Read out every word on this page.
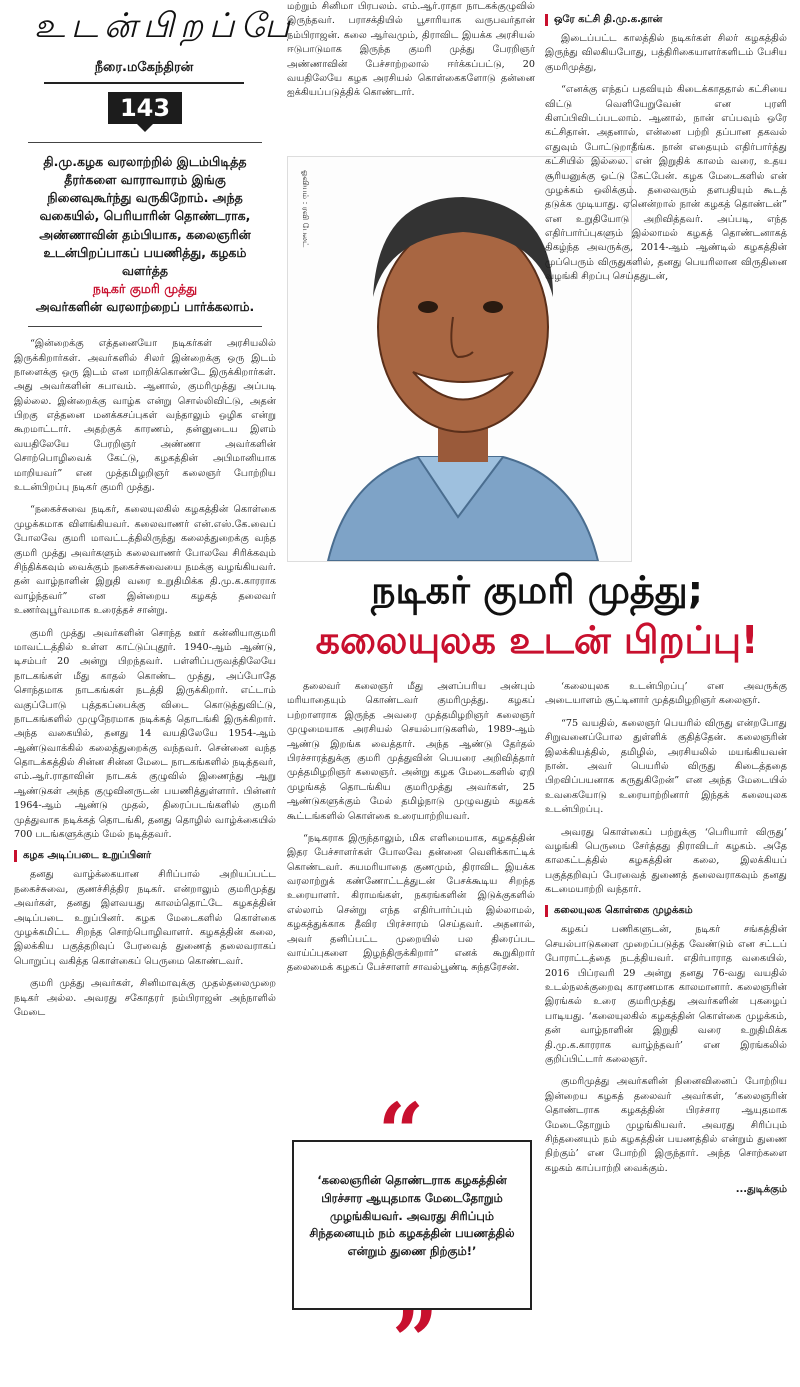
உடன்பிறப்பே
நீரை.மகேந்திரன்
143
தி.மு.கழக வரலாற்றில் இடம்பிடித்த தீரர்களை வாராவாரம் இங்கு நினைவுகூர்ந்து வருகிறோம். அந்த வகையில், பெரியாரின் தொண்டராக, அண்ணாவின் தம்பியாக, கலைஞரின் உடன்பிறப்பாகப் பயணித்து, கழகம் வளர்த்த
நடிகர் குமரி முத்து
அவர்களின் வரலாற்றைப் பார்க்கலாம்.

“இன்றைக்கு எத்தனையோ நடிகர்கள் அரசியலில் இருக்கிறார்கள். அவர்களில் சிலர் இன்றைக்கு ஒரு இடம் நாளைக்கு ஒரு இடம் என மாறிக்கொண்டே இருக்கிறார்கள். அது அவர்களின் சுபாவம். ஆனால், குமரிமுத்து அப்படி இல்லை. இன்றைக்கு வாழ்க என்று சொல்லிவிட்டு, அதன் பிறகு எத்தனை மனக்கசப்புகள் வந்தாலும் ஒழிக என்று கூறமாட்டார். அதற்குக் காரணம், தன்னுடைய இளம் வயதிலேயே பேரறிஞர் அண்ணா அவர்களின் சொற்பொழிவைக் கேட்டு, கழகத்தின் அபிமானியாக மாறியவர்” என முத்தமிழறிஞர் கலைஞர் போற்றிய உடன்பிறப்பு நடிகர் குமரி முத்து.

“நகைச்சுவை நடிகர், கலையுலகில் கழகத்தின் கொள்கை முழக்கமாக விளங்கியவர். கலைவாணர் என்.எஸ்.கே.வைப் போலவே குமரி மாவட்டத்திலிருந்து கலைத்துறைக்கு வந்த குமரி முத்து அவர்களும் கலைவாணர் போலவே சிரிக்கவும் சிந்திக்கவும் வைக்கும் நகைச்சுவையை நமக்கு வழங்கியவர். தன் வாழ்நாளின் இறுதி வரை உறுதிமிக்க தி.மு.க.காரராக வாழ்ந்தவர்” என இன்றைய கழகத் தலைவர் உணர்வுபூர்வமாக உரைத்தச் சான்று.

குமரி முத்து அவர்களின் சொந்த ஊர் கன்னியாகுமரி மாவட்டத்தில் உள்ள காட்டுப்புதூர். 1940-ஆம் ஆண்டு, டிசம்பர் 20 அன்று பிறந்தவர். பள்ளிப்பருவத்திலேயே நாடகங்கள் மீது காதல் கொண்ட முத்து, அப்போதே சொந்தமாக நாடகங்கள் நடத்தி இருக்கிறார். எட்டாம் வகுப்போடு புத்தகப்பைக்கு விடை கொடுத்துவிட்டு, நாடகங்களில் முழுநேரமாக நடிக்கத் தொடங்கி இருக்கிறார். அந்த வகையில், தனது 14 வயதிலேயே 1954-ஆம் ஆண்டுவாக்கில் கலைத்துறைக்கு வந்தவர். சென்னை வந்த தொடக்கத்தில் சின்ன சின்ன மேடை நாடகங்களில் நடித்தவர், எம்.ஆர்.ராதாவின் நாடகக் குழுவில் இணைந்து ஆறு ஆண்டுகள் அந்த குழுவினருடன் பயணித்துள்ளார். பின்னர் 1964-ஆம் ஆண்டு முதல், திரைப்படங்களில் குமரி முத்துவாக நடிக்கத் தொடங்கி, தனது தொழில் வாழ்க்கையில் 700 படங்களுக்கும் மேல் நடித்தவர்.

கழக அடிப்படை உறுப்பினர்

தனது வாழ்க்கையான சிரிப்பால் அறியப்பட்ட நகைச்சுவை, குணச்சித்திர நடிகர். என்றாலும் குமரிமுத்து அவர்கள், தனது இளவயது காலம்தொட்டே கழகத்தின் அடிப்படை உறுப்பினர். கழக மேடைகளில் கொள்கை முழக்கமிட்ட சிறந்த சொற்பொழிவாளர். கழகத்தின் கலை, இலக்கிய பகுத்தறிவுப் பேரவைத் துணைத் தலைவராகப் பொறுப்பு வகித்த கொள்கைப் பெருமை கொண்டவர்.

குமரி முத்து அவர்கள், சினிமாவுக்கு முதல்தலைமுறை நடிகர் அல்ல. அவரது சகோதரர் நம்பிராஜன் அந்நாளில் மேடை

மற்றும் சினிமா பிரபலம். எம்.ஆர்.ராதா நாடகக்குழுவில் இருந்தவர். பராசக்தியில் பூசாரியாக வருபவர்தான் நம்பிராஜன். கலை ஆர்வமும், திராவிட இயக்க அரசியல் ஈடுபாடுமாக இருந்த குமரி முத்து பேரறிஞர் அண்ணாவின் பேச்சாற்றலால் ஈர்க்கப்பட்டு, 20 வயதிலேயே கழக அரசியல் கொள்கைகளோடு தன்னை ஐக்கியப்படுத்திக் கொண்டார்.

ஓவியம் : ரவி பேலட்
நடிகர் குமரி முத்து;
கலையுலக உடன் பிறப்பு!

தலைவர் கலைஞர் மீது அளப்பரிய அன்பும் மரியாதையும் கொண்டவர் குமரிமுத்து. கழகப் பற்றாளராக இருந்த அவரை முத்தமிழறிஞர் கலைஞர் முழுமையாக அரசியல் செயல்பாடுகளில், 1989-ஆம் ஆண்டு இறங்க வைத்தார். அந்த ஆண்டு தேர்தல் பிரச்சாரத்துக்கு குமரி முத்துவின் பெயரை அறிவித்தார் முத்தமிழறிஞர் கலைஞர். அன்று கழக மேடைகளில் ஏறி முழங்கத் தொடங்கிய குமரிமுத்து அவர்கள், 25 ஆண்டுகளுக்கும் மேல் தமிழ்நாடு முழுவதும் கழகக் கூட்டங்களில் கொள்கை உரையாற்றியவர்.

“நடிகராக இருந்தாலும், மிக எளிமையாக, கழகத்தின் இதர பேச்சாளர்கள் போலவே தன்னை வெளிக்காட்டிக் கொண்டவர். சுயமரியாதை குணமும், திராவிட இயக்க வரலாற்றுக் கண்ணோட்டத்துடன் பேசக்கூடிய சிறந்த உரையாளர். கிராமங்கள், நகரங்களின் இடுக்குகளில் எல்லாம் சென்று எந்த எதிர்பார்ப்பும் இல்லாமல், கழகத்துக்காக தீவிர பிரச்சாரம் செய்தவர். அதனால், அவர் தனிப்பட்ட முறையில் பல திரைப்பட வாய்ப்புகளை இழந்திருக்கிறார்” எனக் கூறுகிறார் தலைமைக் கழகப் பேச்சாளர் சாவல்பூண்டி சுந்தரேசன்.

“

‘கலைஞரின் தொண்டராக கழகத்தின் பிரச்சார ஆயுதமாக மேடைதோறும் முழங்கியவர். அவரது சிரிப்பும் சிந்தனையும் நம் கழகத்தின் பயணத்தில் என்றும் துணை நிற்கும்!’

”
ஒரே கட்சி தி.மு.க.தான்

இடைப்பட்ட காலத்தில் நடிகர்கள் சிலர் கழகத்தில் இருந்து விலகியபோது, பத்திரிகையாளர்களிடம் பேசிய குமரிமுத்து,

“எனக்கு எந்தப் பதவியும் கிடைக்காததால் கட்சியை விட்டு வெளியேறுவேன் என புரளி கிளப்பிவிடப்படலாம். ஆனால், நான் எப்பவும் ஒரே கட்சிதான். அதனால், என்னை பற்றி தப்பான தகவல் எதுவும் போட்டுறாதீங்க. நான் எதையும் எதிர்பார்த்து கட்சியில் இல்லை. என் இறுதிக் காலம் வரை, உதய சூரியனுக்கு ஓட்டு கேட்பேன். கழக மேடைகளில் என் முழக்கம் ஒலிக்கும். தலைவரும் தளபதியும் கூடத் தடுக்க முடியாது. ஏனென்றால் நான் கழகத் தொண்டன்” என உறுதியோடு அறிவித்தவர். அப்படி, எந்த எதிர்பார்ப்புகளும் இல்லாமல் கழகத் தொண்டனாகத் திகழ்ந்த அவருக்கு, 2014-ஆம் ஆண்டில் கழகத்தின் முப்பெரும் விருதுகளில், தனது பெயரிலான விருதினை வழங்கி சிறப்பு செய்ததுடன்,

‘கலையுலக உடன்பிறப்பு’ என அவருக்கு அடையாளம் சூட்டினார் முத்தமிழறிஞர் கலைஞர்.

“75 வயதில், கலைஞர் பெயரில் விருது என்றபோது சிறுவனைப்போல துள்ளிக் குதித்தேன். கலைஞரின் இலக்கியத்தில், தமிழில், அரசியலில் மயங்கியவன் நான். அவர் பெயரில் விருது கிடைத்ததை பிறவிப்பயனாக கருதுகிறேன்” என அந்த மேடையில் உவகையோடு உரையாற்றினார் இந்தக் கலையுலக உடன்பிறப்பு.

அவரது கொள்கைப் பற்றுக்கு ‘பெரியார் விருது’ வழங்கி பெருமை சேர்த்தது திராவிடர் கழகம். அதே காலகட்டத்தில் கழகத்தின் கலை, இலக்கியப் பகுத்தறிவுப் பேரவைத் துணைத் தலைவராகவும் தனது கடமையாற்றி வந்தார்.

கலையுலக கொள்கை முழக்கம்

கழகப் பணிகளுடன், நடிகர் சங்கத்தின் செயல்பாடுகளை முறைப்படுத்த வேண்டும் என சட்டப் போராட்டத்தை நடத்தியவர். எதிர்பாராத வகையில், 2016 பிப்ரவரி 29 அன்று தனது 76-வது வயதில் உடல்நலக்குறைவு காரணமாக காலமானார். கலைஞரின் இரங்கல் உரை குமரிமுத்து அவர்களின் புகழைப் பாடியது. ‘கலையுலகில் கழகத்தின் கொள்கை முழக்கம், தன் வாழ்நாளின் இறுதி வரை உறுதிமிக்க தி.மு.க.காரராக வாழ்ந்தவர்’ என இரங்கலில் குறிப்பிட்டார் கலைஞர்.

குமரிமுத்து அவர்களின் நினைவினைப் போற்றிய இன்றைய கழகத் தலைவர் அவர்கள், ‘கலைஞரின் தொண்டராக கழகத்தின் பிரச்சார ஆயுதமாக மேடைதோறும் முழங்கியவர். அவரது சிரிப்பும் சிந்தனையும் நம் கழகத்தின் பயணத்தில் என்றும் துணை நிற்கும்’ என போற்றி இருந்தார். அந்த சொற்களை கழகம் காப்பாற்றி வைக்கும்.

...துடிக்கும்
